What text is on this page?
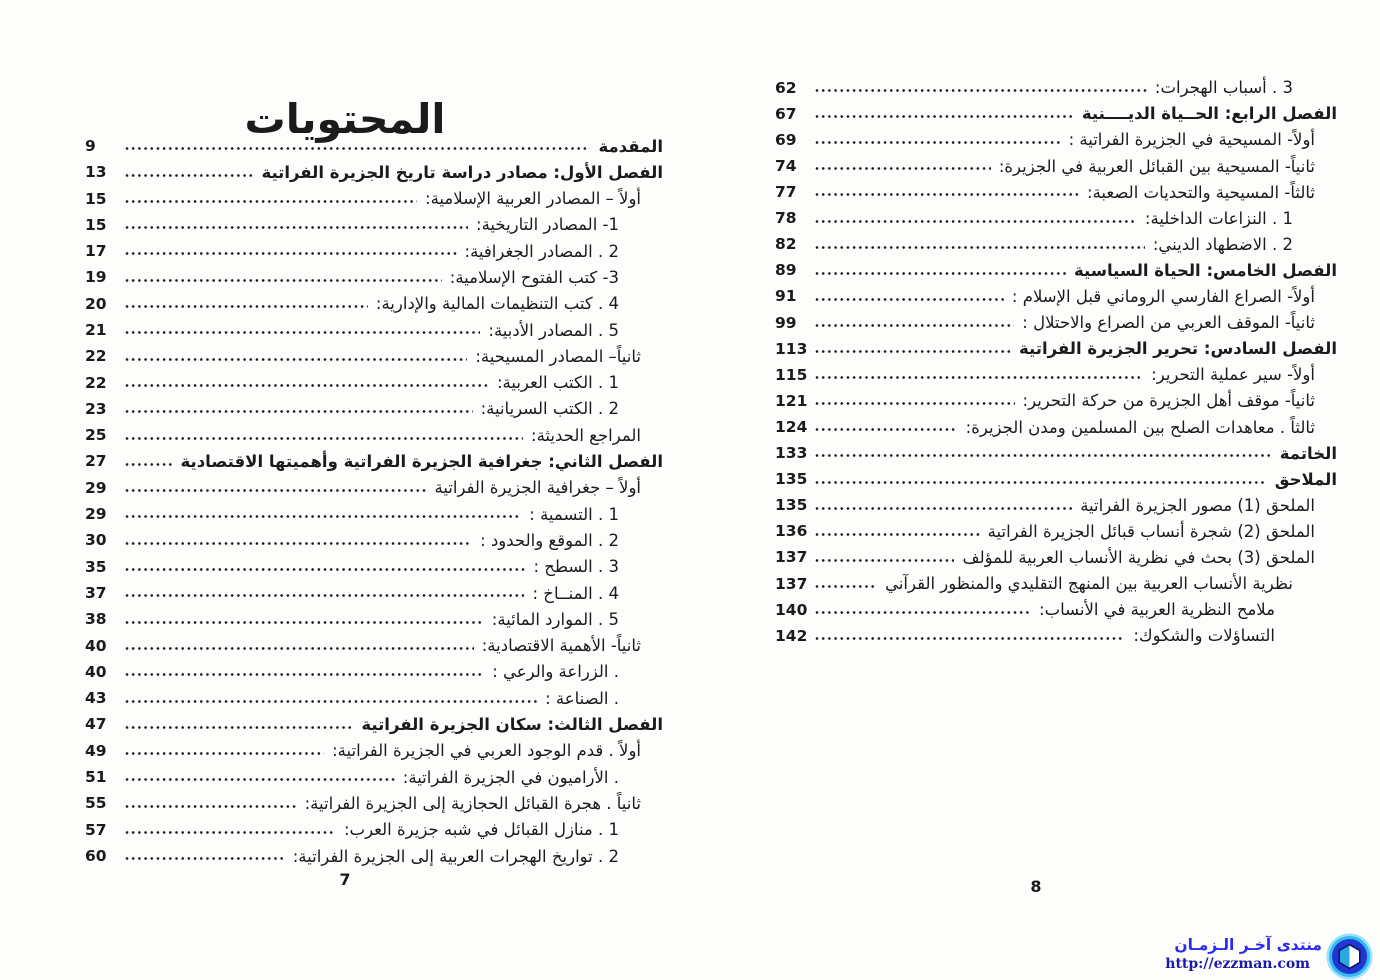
المحتويات
المقدمة
9
الفصل الأول: مصادر دراسة تاريخ الجزيرة الفراتية
13
أولاً – المصادر العربية الإسلامية:
15
1- المصادر التاريخية:
15
2 . المصادر الجغرافية:
17
3- كتب الفتوح الإسلامية:
19
4 . كتب التنظيمات المالية والإدارية:
20
5 . المصادر الأدبية:
21
ثانياً– المصادر المسيحية:
22
1 . الكتب العربية:
22
2 . الكتب السريانية:
23
المراجع الحديثة:
25
الفصل الثاني: جغرافية الجزيرة الفراتية وأهميتها الاقتصادية
27
أولاً – جغرافية الجزيرة الفراتية
29
1 . التسمية :
29
2 . الموقع والحدود :
30
3 . السطح :
35
4 . المنــاخ :
37
5 . الموارد المائية:
38
ثانياً- الأهمية الاقتصادية:
40
. الزراعة والرعي :
40
. الصناعة :
43
الفصل الثالث: سكان الجزيرة الفراتية
47
أولاً . قدم الوجود العربي في الجزيرة الفراتية:
49
. الأراميون في الجزيرة الفراتية:
51
ثانياً . هجرة القبائل الحجازية إلى الجزيرة الفراتية:
55
1 . منازل القبائل في شبه جزيرة العرب:
57
2 . تواريخ الهجرات العربية إلى الجزيرة الفراتية:
60
3 . أسباب الهجرات:
62
الفصل الرابع: الحــياة الديــــنية
67
أولاً- المسيحية في الجزيرة الفراتية :
69
ثانياً- المسيحية بين القبائل العربية في الجزيرة:
74
ثالثاً- المسيحية والتحديات الصعبة:
77
1 . النزاعات الداخلية:
78
2 . الاضطهاد الديني:
82
الفصل الخامس: الحياة السياسية
89
أولاً- الصراع الفارسي الروماني قبل الإسلام :
91
ثانياً- الموقف العربي من الصراع والاحتلال :
99
الفصل السادس: تحرير الجزيرة الفراتية
113
أولاً- سير عملية التحرير:
115
ثانياً- موقف أهل الجزيرة من حركة التحرير:
121
ثالثاً . معاهدات الصلح بين المسلمين ومدن الجزيرة:
124
الخاتمة
133
الملاحق
135
الملحق (1) مصور الجزيرة الفراتية
135
الملحق (2) شجرة أنساب قبائل الجزيرة الفراتية
136
الملحق (3) بحث في نظرية الأنساب العربية للمؤلف
137
نظرية الأنساب العربية بين المنهج التقليدي والمنظور القرآني
137
ملامح النظرية العربية في الأنساب:
140
التساؤلات والشكوك:
142
7	8
منتدى آخـر الـزمـان
http://ezzman.com
